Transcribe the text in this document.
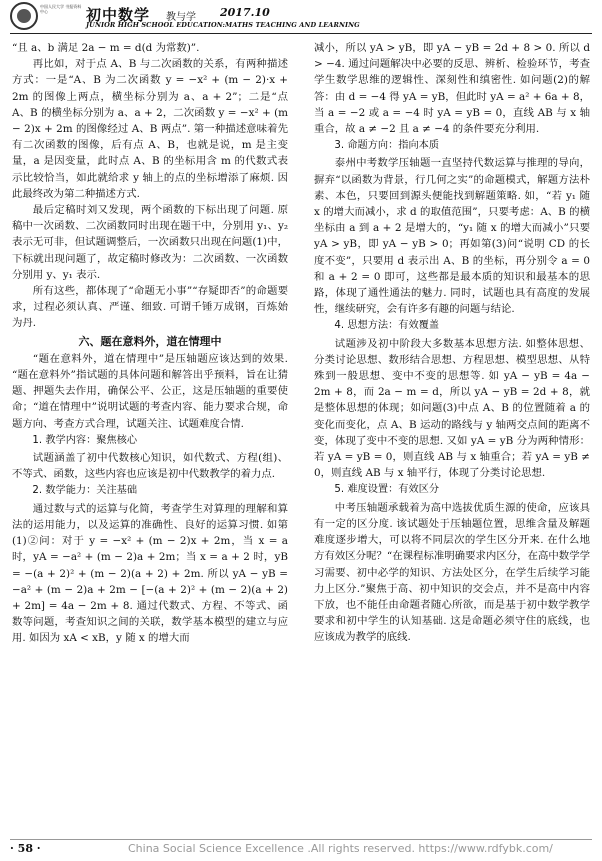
中国人民大学 书报资料中心	初中数学 教与学 2017.10
JUNIOR HIGH SCHOOL EDUCATION:MATHS TEACHING AND LEARNING

“且 a、b 满足 2a − m = d(d 为常数)”.

再比如，对于点 A、B 与二次函数的关系，有两种描述方式：一是“A、B 为二次函数 y = −x² + (m − 2)·x + 2m 的图像上两点，横坐标分别为 a、a + 2”；二是“点 A、B 的横坐标分别为 a、a + 2，二次函数 y = −x² + (m − 2)x + 2m 的图像经过 A、B 两点”. 第一种描述意味着先有二次函数的图像，后有点 A、B，也就是说，m 是主变量，a 是因变量，此时点 A、B 的坐标用含 m 的代数式表示比较恰当，如此就给求 y 轴上的点的坐标增添了麻烦. 因此最终改为第二种描述方式.

最后定稿时刘又发现，两个函数的下标出现了问题. 原稿中一次函数、二次函数同时出现在题干中，分别用 y₁、y₂ 表示无可非，但试题调整后，一次函数只出现在问题(1)中，下标就出现问题了，故定稿时修改为：二次函数、一次函数分别用 y、y₁ 表示.

所有这些，都体现了“命题无小事”“存疑即否”的命题要求，过程必须认真、严谨、细致. 可谓千锤万成钢，百炼始为丹.

六、题在意料外，道在情理中

“题在意料外，道在情理中”是压轴题应该达到的效果. “题在意料外”指试题的具体问题和解答出乎预料，旨在让猜题、押题失去作用，确保公平、公正，这是压轴题的重要使命；“道在情理中”说明试题的考查内容、能力要求合规，命题方向、考查方式合理，试题关注、试题难度合情.

1. 教学内容：聚焦核心

试题涵盖了初中代数核心知识，如代数式、方程(组)、不等式、函数，这些内容也应该是初中代数教学的着力点.

2. 数学能力：关注基础

通过数与式的运算与化简，考查学生对算理的理解和算法的运用能力，以及运算的准确性、良好的运算习惯. 如第(1)②问：对于 y = −x² + (m − 2)x + 2m，当 x = a 时，yA = −a² + (m − 2)a + 2m；当 x = a + 2 时，yB = −(a + 2)² + (m − 2)(a + 2) + 2m. 所以 yA − yB = −a² + (m − 2)a + 2m − [−(a + 2)² + (m − 2)(a + 2) + 2m] = 4a − 2m + 8. 通过代数式、方程、不等式、函数等问题，考查知识之间的关联，数学基本模型的建立与应用. 如因为 xA < xB，y 随 x 的增大而

减小，所以 yA > yB，即 yA − yB = 2d + 8 > 0. 所以 d > −4. 通过问题解决中必要的反思、辨析、检验环节，考查学生数学思维的逻辑性、深刻性和缜密性. 如问题(2)的解答：由 d = −4 得 yA = yB，但此时 yA = a² + 6a + 8，当 a = −2 或 a = −4 时 yA = yB = 0，直线 AB 与 x 轴重合，故 a ≠ −2 且 a ≠ −4 的条件要充分利用.

3. 命题方向：指向本质

泰州中考数学压轴题一直坚持代数运算与推理的导向，摒弃“以函数为背景，行几何之实”的命题模式，解题方法朴素、本色，只要回到源头便能找到解题策略. 如，“若 y₁ 随 x 的增大而减小，求 d 的取值范围”，只要考虑：A、B 的横坐标由 a 到 a + 2 是增大的，“y₁ 随 x 的增大而减小”只要 yA > yB，即 yA − yB > 0；再如第(3)问“说明 CD 的长度不变”，只要用 d 表示出 A、B 的坐标，再分别令 a = 0 和 a + 2 = 0 即可，这些都是最本质的知识和最基本的思路，体现了通性通法的魅力. 同时，试题也具有高度的发展性，继续研究，会有许多有趣的问题与结论.

4. 思想方法：有效覆盖

试题涉及初中阶段大多数基本思想方法. 如整体思想、分类讨论思想、数形结合思想、方程思想、模型思想、从特殊到一般思想、变中不变的思想等. 如 yA − yB = 4a − 2m + 8，而 2a − m = d，所以 yA − yB = 2d + 8，就是整体思想的体现；如问题(3)中点 A、B 的位置随着 a 的变化而变化，点 A、B 运动的路线与 y 轴两交点间的距离不变，体现了变中不变的思想. 又如 yA = yB 分为两种情形：若 yA = yB = 0，则直线 AB 与 x 轴重合；若 yA = yB ≠ 0，则直线 AB 与 x 轴平行，体现了分类讨论思想.

5. 难度设置：有效区分

中考压轴题承载着为高中选拔优质生源的使命，应该具有一定的区分度. 该试题处于压轴题位置，思维含量及解题难度逐步增大，可以将不同层次的学生区分开来. 在什么地方有效区分呢？“在课程标准明确要求内区分，在高中数学学习需要、初中必学的知识、方法处区分，在学生后续学习能力上区分.”聚焦于高、初中知识的交会点，并不是高中内容下放，也不能任由命题者随心所欲，而是基于初中数学教学要求和初中学生的认知基础. 这是命题必须守住的底线，也应该成为教学的底线.

· 58 ·	China Social Science Excellence .All rights reserved. https://www.rdfybk.com/
